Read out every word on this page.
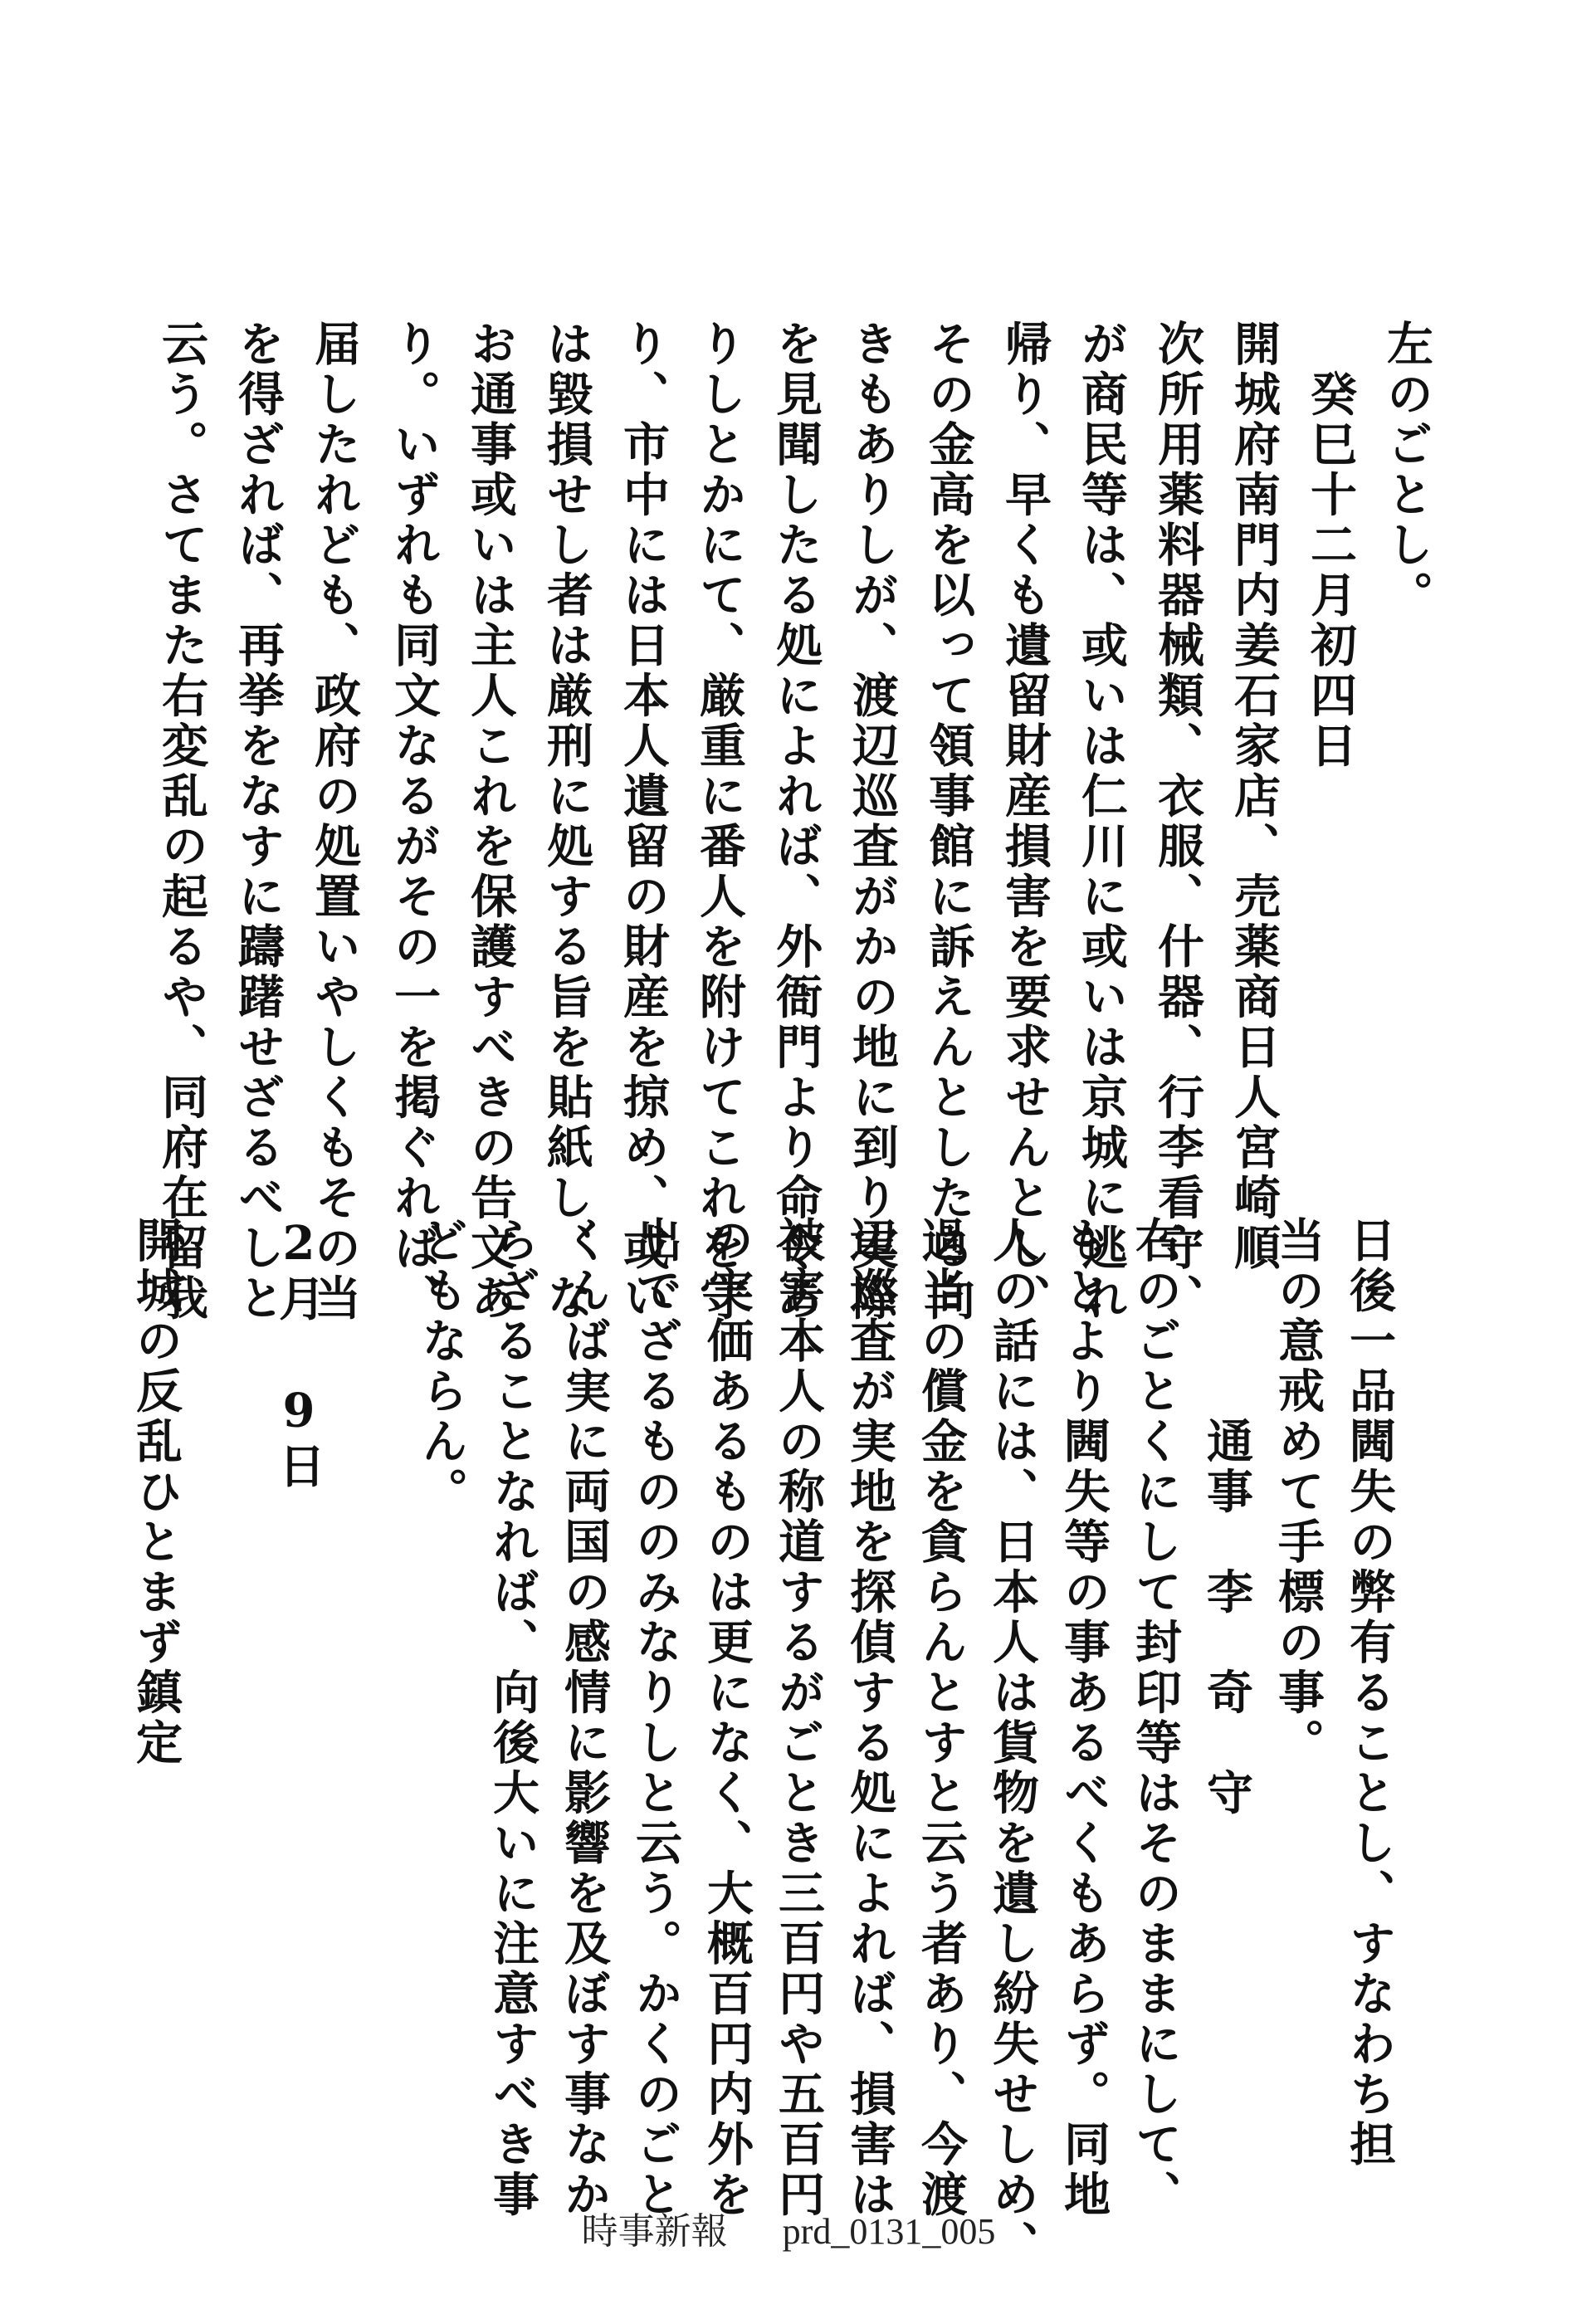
届したれども、政府の処置いやしくもその当
を得ざれば、再挙をなすに躊躇せざるべしと
云う。さてまた右変乱の起るや、同府在留我	が商民等は、或いは仁川に或いは京城に逃れ
帰り、早くも遺留財産損害を要求せんとし、
その金高を以って領事館に訴えんとしたる向
きもありしが、渡辺巡査がかの地に到り実際
を見聞したる処によれば、外衙門より命令あ
りしとかにて、厳重に番人を附けてこれを守
り、市中には日本人遺留の財産を掠め、或い
は毀損せし者は厳刑に処する旨を貼紙し、な
お通事或いは主人これを保護すべきの告文あ
り。いずれも同文なるがその一を掲ぐれば、	左のごとし。
　癸巳十二月初四日
開城府南門内姜石家店、売薬商日人宮崎順
次所用薬料器械類、衣服、什器、行李看守、
日後一品閪失の弊有ることし、すなわち担
当の意戒めて手標の事。
　　　　通事　李　奇　守
右のごとくにして封印等はそのままにして、
もとより閪失等の事あるべくもあらず。同地
人の話には、日本人は貨物を遺し紛失せしめ、
過当の償金を貪らんとすと云う者あり、今渡
辺巡査が実地を探偵する処によれば、損害は
被害本人の称道するがごとき三百円や五百円
の実価あるものは更になく、大概百円内外を
出でざるもののみなりしと云う。かくのごと
くんば実に両国の感情に影響を及ぼす事なか
らざることなれば、向後大いに注意すべき事
どもならん。
2月 9日
開城の反乱ひとまず鎮定
時事新報 prd_0131_005
